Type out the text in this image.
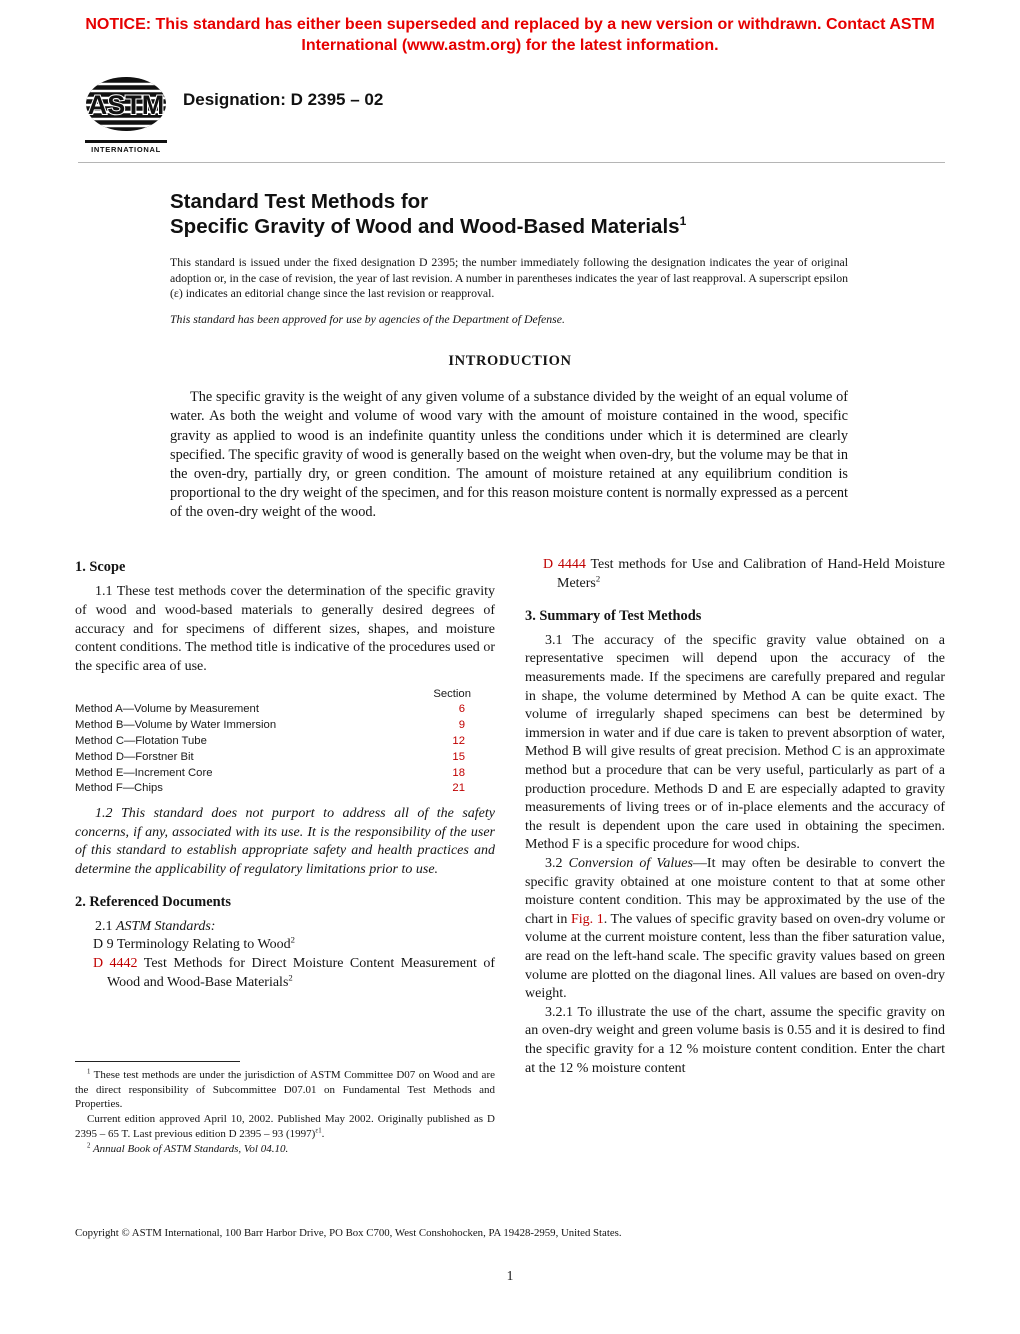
NOTICE: This standard has either been superseded and replaced by a new version or withdrawn. Contact ASTM International (www.astm.org) for the latest information.
ASTM
INTERNATIONAL
Designation: D 2395 – 02
Standard Test Methods for
Specific Gravity of Wood and Wood-Based Materials$^1$
This standard is issued under the fixed designation D 2395; the number immediately following the designation indicates the year of original adoption or, in the case of revision, the year of last revision. A number in parentheses indicates the year of last reapproval. A superscript epsilon (ε) indicates an editorial change since the last revision or reapproval.
This standard has been approved for use by agencies of the Department of Defense.
INTRODUCTION
The specific gravity is the weight of any given volume of a substance divided by the weight of an equal volume of water. As both the weight and volume of wood vary with the amount of moisture contained in the wood, specific gravity as applied to wood is an indefinite quantity unless the conditions under which it is determined are clearly specified. The specific gravity of wood is generally based on the weight when oven-dry, but the volume may be that in the oven-dry, partially dry, or green condition. The amount of moisture retained at any equilibrium condition is proportional to the dry weight of the specimen, and for this reason moisture content is normally expressed as a percent of the oven-dry weight of the wood.
1. Scope

1.1 These test methods cover the determination of the specific gravity of wood and wood-based materials to generally desired degrees of accuracy and for specimens of different sizes, shapes, and moisture content conditions. The method title is indicative of the procedures used or the specific area of use.

Section
Method A—Volume by Measurement	6
Method B—Volume by Water Immersion	9
Method C—Flotation Tube	12
Method D—Forstner Bit	15
Method E—Increment Core	18
Method F—Chips	21

1.2 This standard does not purport to address all of the safety concerns, if any, associated with its use. It is the responsibility of the user of this standard to establish appropriate safety and health practices and determine the applicability of regulatory limitations prior to use.

2. Referenced Documents

2.1 ASTM Standards:

D 9 Terminology Relating to Wood$^2$

D 4442 Test Methods for Direct Moisture Content Measurement of Wood and Wood-Base Materials$^2$

$^1$ These test methods are under the jurisdiction of ASTM Committee D07 on Wood and are the direct responsibility of Subcommittee D07.01 on Fundamental Test Methods and Properties.

Current edition approved April 10, 2002. Published May 2002. Originally published as D 2395 – 65 T. Last previous edition D 2395 – 93 $(1997)^{\varepsilon 1}$.

$^2$ Annual Book of ASTM Standards, Vol 04.10.

D 4444 Test methods for Use and Calibration of Hand-Held Moisture Meters$^2$

3. Summary of Test Methods

3.1 The accuracy of the specific gravity value obtained on a representative specimen will depend upon the accuracy of the measurements made. If the specimens are carefully prepared and regular in shape, the volume determined by Method A can be quite exact. The volume of irregularly shaped specimens can best be determined by immersion in water and if due care is taken to prevent absorption of water, Method B will give results of great precision. Method C is an approximate method but a procedure that can be very useful, particularly as part of a production procedure. Methods D and E are especially adapted to gravity measurements of living trees or of in-place elements and the accuracy of the result is dependent upon the care used in obtaining the specimen. Method F is a specific procedure for wood chips.

3.2 Conversion of Values—It may often be desirable to convert the specific gravity obtained at one moisture content to that at some other moisture content condition. This may be approximated by the use of the chart in Fig. 1. The values of specific gravity based on oven-dry volume or volume at the current moisture content, less than the fiber saturation value, are read on the left-hand scale. The specific gravity values based on green volume are plotted on the diagonal lines. All values are based on oven-dry weight.

3.2.1 To illustrate the use of the chart, assume the specific gravity on an oven-dry weight and green volume basis is 0.55 and it is desired to find the specific gravity for a 12 % moisture content condition. Enter the chart at the 12 % moisture content

Copyright © ASTM International, 100 Barr Harbor Drive, PO Box C700, West Conshohocken, PA 19428-2959, United States.
1
